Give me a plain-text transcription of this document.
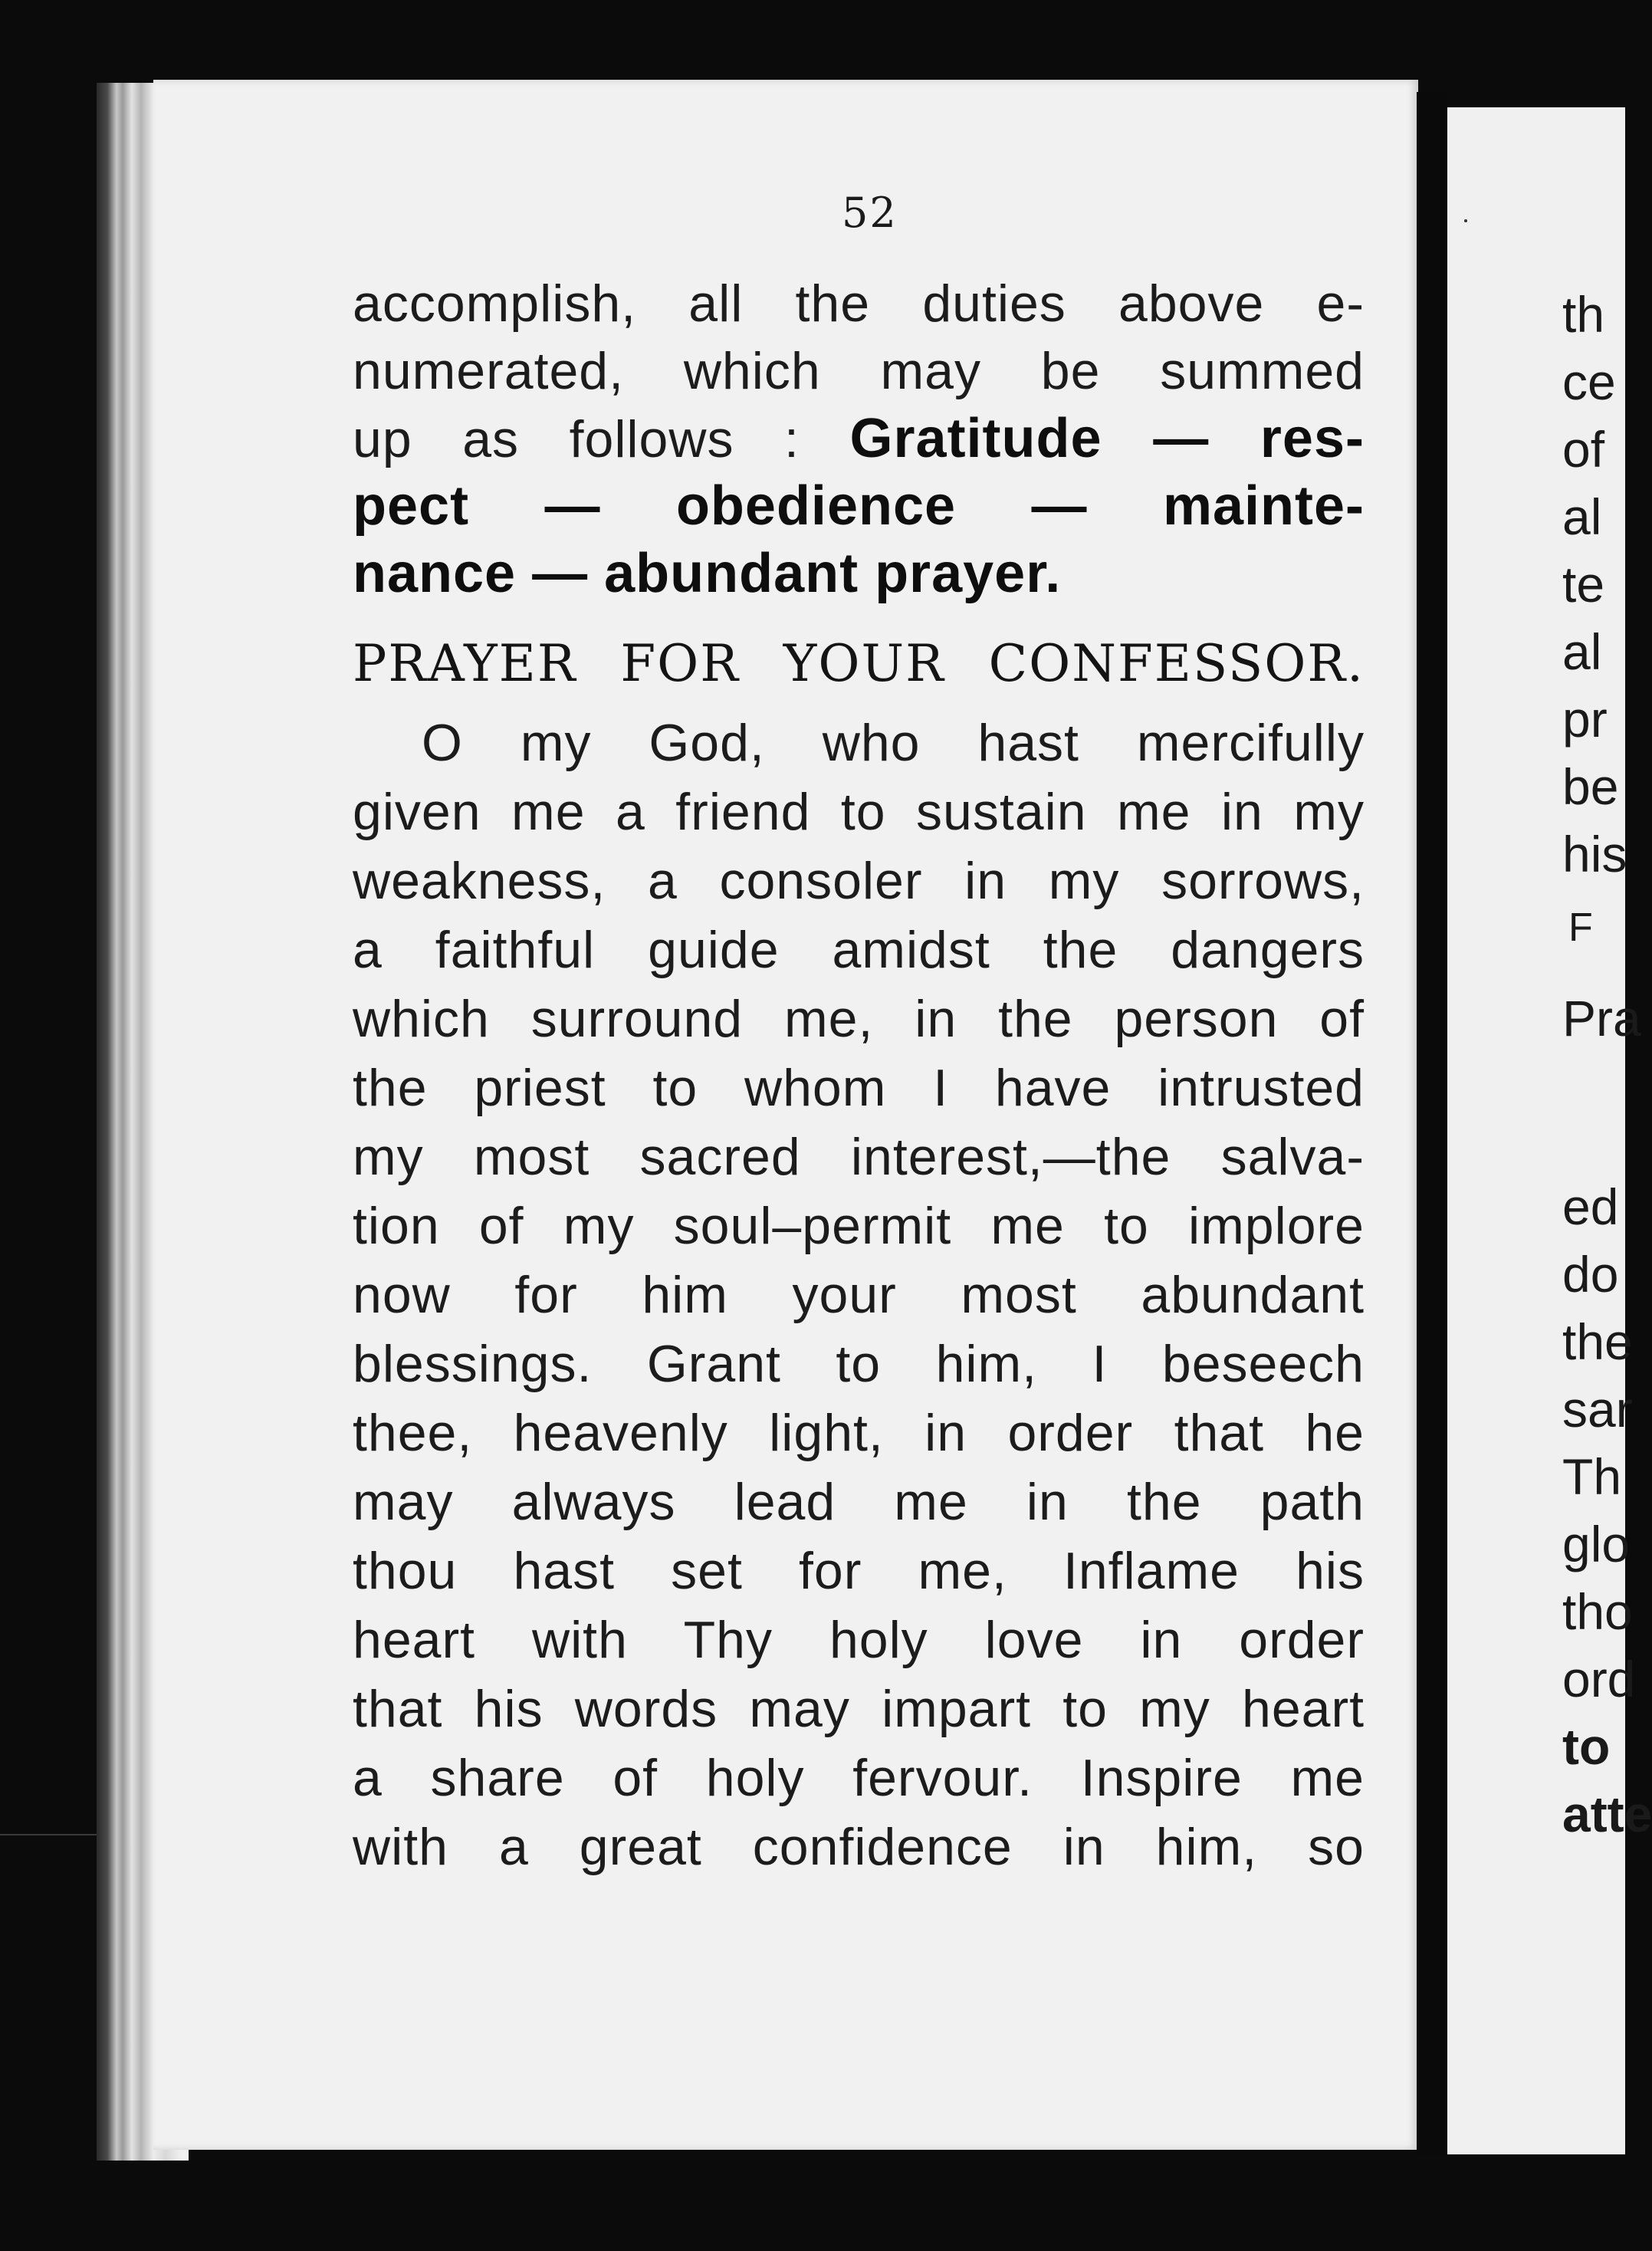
52
accomplish, all the duties above e-
numerated, which may be summed
up as follows : Gratitude — res-
pect — obedience — mainte-
nance — abundant prayer.
PRAYER FOR YOUR CONFESSOR.
O my God, who hast mercifully
given me a friend to sustain me in my
weakness, a consoler in my sorrows,
a faithful guide amidst the dangers
which surround me, in the person of
the priest to whom I have intrusted
my most sacred interest,—the salva-
tion of my soul–permit me to implore
now for him your most abundant
blessings. Grant to him, I beseech
thee, heavenly light, in order that he
may always lead me in the path
thou hast set for me, Inflame his
heart with Thy holy love in order
that his words may impart to my heart
a share of holy fervour. Inspire me
with a great confidence in him, so
th
ce
of
al
te
al
pr
be
his
F
Pra
ed
do
the
sar
Th
glo
tho
ord
to
atte
